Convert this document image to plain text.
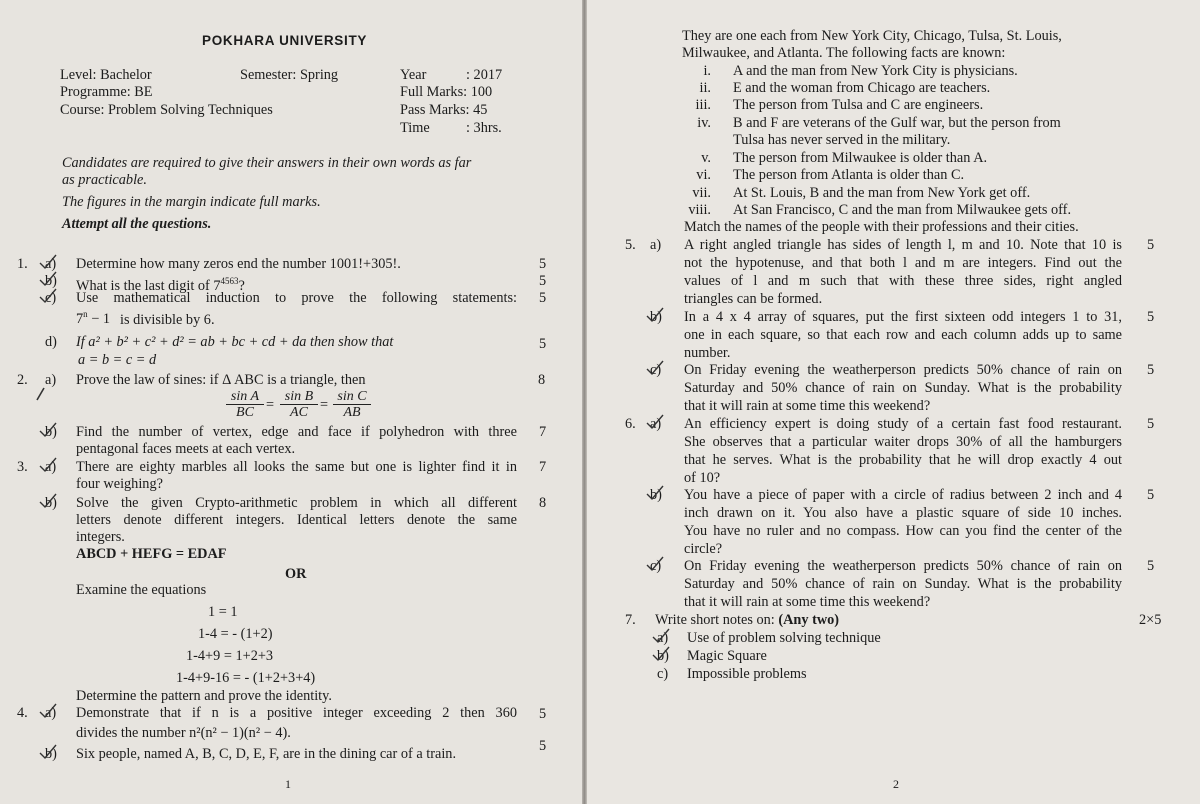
POKHARA UNIVERSITY
Level: Bachelor	Semester: Spring	Year	: 2017
Programme: BE	Full Marks: 100
Course: Problem Solving Techniques	Pass Marks: 45
Time	: 3hrs.
Candidates are required to give their answers in their own words as far
as practicable.
The figures in the margin indicate full marks.
Attempt all the questions.
1. a) Determine how many zeros end the number 1001!+305!.	5
b) What is the last digit of $7^{4563}$?	5
c) Use mathematical induction to prove the following statements: 5
$7^n - 1$ is divisible by 6.
d) If a² + b² + c² + d² = ab + bc + cd + da then show that	5
a = b = c = d
2. a) Prove the law of sines: if Δ ABC is a triangle, then	8
$\frac{\text{sin A}}{BC} = \frac{\text{sin B}}{AC} = \frac{\text{sin C}}{AB}$
b) Find the number of vertex, edge and face if polyhedron with three
pentagonal faces meets at each vertex.
7
3. a) There are eighty marbles all looks the same but one is lighter find it in
four weighing?
7
b) Solve the given Crypto-arithmetic problem in which all different
letters denote different integers. Identical letters denote the same
integers.
8
ABCD + HEFG = EDAF
OR
Examine the equations
1 = 1
1-4 = - (1+2)
1-4+9 = 1+2+3
1-4+9-16 = - (1+2+3+4)
Determine the pattern and prove the identity.
4. a) Demonstrate that if n is a positive integer exceeding 2 then 360 5
divides the number n²(n² − 1)(n² − 4).
b) Six people, named A, B, C, D, E, F, are in the dining car of a train.	5
1
They are one each from New York City, Chicago, Tulsa, St. Louis,
Milwaukee, and Atlanta. The following facts are known:
i. A and the man from New York City is physicians.
ii. E and the woman from Chicago are teachers.
iii. The person from Tulsa and C are engineers.
iv. B and F are veterans of the Gulf war, but the person from
Tulsa has never served in the military.
v. The person from Milwaukee is older than A.
vi. The person from Atlanta is older than C.
vii. At St. Louis, B and the man from New York get off.
viii. At San Francisco, C and the man from Milwaukee gets off.
Match the names of the people with their professions and their cities.
5. a) A right angled triangle has sides of length l, m and 10. Note that 10 is
not the hypotenuse, and that both l and m are integers. Find out the
values of l and m such that with these three sides, right angled
triangles can be formed.
5
b) In a 4 x 4 array of squares, put the first sixteen odd integers 1 to 31,
one in each square, so that each row and each column adds up to same
number.
5
c) On Friday evening the weatherperson predicts 50% chance of rain on
Saturday and 50% chance of rain on Sunday. What is the probability
that it will rain at some time this weekend?
5
6. a) An efficiency expert is doing study of a certain fast food restaurant.
She observes that a particular waiter drops 30% of all the hamburgers
that he serves. What is the probability that he will drop exactly 4 out
of 10?
5
b) You have a piece of paper with a circle of radius between 2 inch and 4
inch drawn on it. You also have a plastic square of side 10 inches.
You have no ruler and no compass. How can you find the center of the
circle?
5
c) On Friday evening the weatherperson predicts 50% chance of rain on
Saturday and 50% chance of rain on Sunday. What is the probability
that it will rain at some time this weekend?
5
7. Write short notes on: (Any two)	2×5
a) Use of problem solving technique
b) Magic Square
c) Impossible problems
2
